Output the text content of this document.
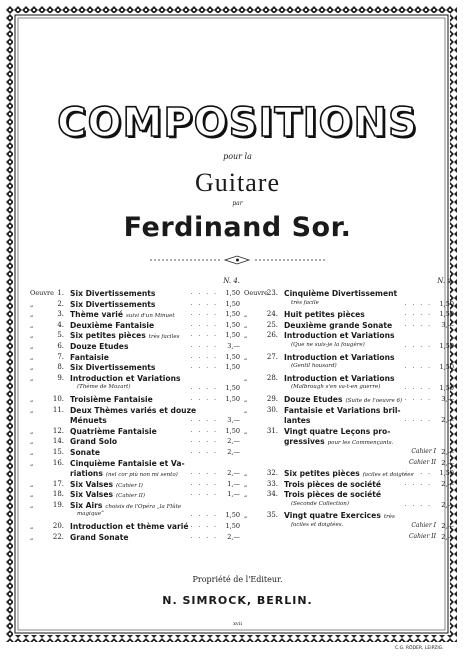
COMPOSITIONS
pour la
Guitare
par
Ferdinand Sor.
N. 4.
Oeuvre 1. Six Divertissements	. . . . 1,50
„	2. Six Divertissements	. . . . 1,50
„	3. Thème varié suivi d'un Minuet	. . . . 1,50
„	4. Deuxième Fantaisie	. . . . 1,50
„	5. Six petites pièces très faciles . . . . 1,50
„	6. Douze Etudes	. . . . 3,—
„	7. Fantaisie	. . . . 1,50
„	8. Six Divertissements	. . . . 1,50
„	9. Introduction et Variations
(Thème de Mozart)	. . . . 1,50
„	10. Troisième Fantaisie	. . . . 1,50
„	11. Deux Thèmes variés et douze
Ménuets	. . . . 3,—
„	12. Quatrième Fantaisie	. . . . 1,50
„	14. Grand Solo	. . . . 2,—
„	15. Sonate	. . . . 2,—
„	16. Cinquième Fantaisie et Va-
riations (nel cor più non mi sento) . . . . 2,—
„	17. Six Valses (Cahier I)	. . . . 1,—
„	18. Six Valses (Cahier II)	. . . . 1,—
„	19. Six Airs choisis de l'Opéra „la Flûte
magique“	. . . . 1,50
„	20. Introduction et thème varié . . . . 1,50
„	22. Grand Sonate	. . . . 2,—
N. 4.
Oeuvre
23. Cinquième Divertissement
très facile	. . . . 1,50
„	24. Huit petites pièces	. . . . 1,50
„	25. Deuxième grande Sonate	. . . . 3,—
„	26. Introduction et Variations
(Que ne suis-je la fougère)	. . . . 1,50
„	27. Introduction et Variations
(Gentil housard)	. . . . 1,50
„	28. Introduction et Variations
(Malbrough s'en va-t-en guerre)	. . . . 1,50
„	29. Douze Etudes (Suite de l'oeuvre 6) . . . . 3,—
„	30. Fantaisie et Variations bril-
lantes	. . . . 2,—
„	31. Vingt quatre Leçons pro-
gressives pour les Commençants.
Cahier I 2,—
Cahier II 2,—
„	32. Six petites pièces faciles et doigtées
. . . . 1,50
„	33. Trois pièces de société	. . . . 2,—
„	34. Trois pièces de société
(Seconde Collection)	. . . . 2,—
„	35. Vingt quatre Exercices très
faciles et doigtées.	Cahier I 2,—
Cahier II 2,—
Propriété de l'Editeur.
N. SIMROCK, BERLIN.
xvii
C.G. RÖDER, LEIPZIG.
